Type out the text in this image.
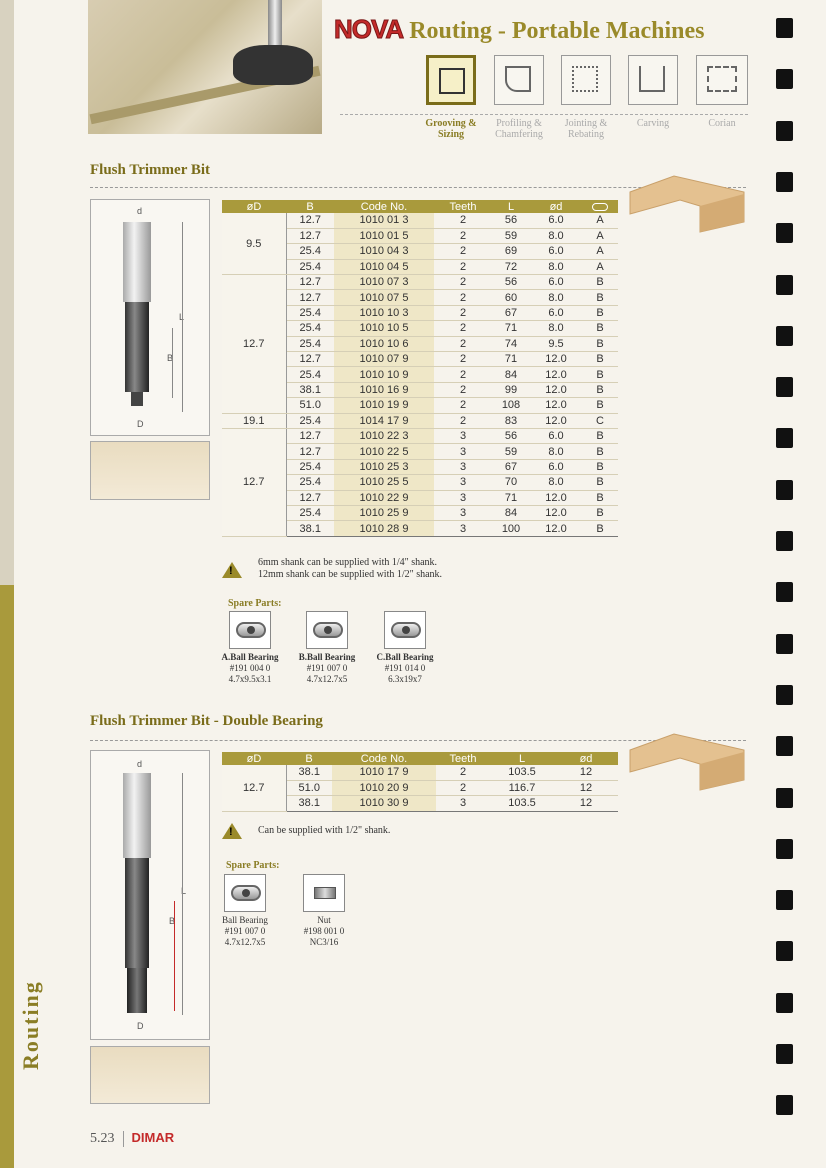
Routing
NOVA Routing - Portable Machines
Grooving & Sizing
Profiling & Chamfering
Jointing & Rebating
Carving	Corian
Flush Trimmer Bit
d
D
L
B
øD	B	Code No.	Teeth	L	ød	
9.5	12.7	1010 01 3	2	56	6.0	A
	12.7	1010 01 5	2	59	8.0	A
	25.4	1010 04 3	2	69	6.0	A
	25.4	1010 04 5	2	72	8.0	A
12.7	12.7	1010 07 3	2	56	6.0	B
	12.7	1010 07 5	2	60	8.0	B
	25.4	1010 10 3	2	67	6.0	B
	25.4	1010 10 5	2	71	8.0	B
	25.4	1010 10 6	2	74	9.5	B
	12.7	1010 07 9	2	71	12.0	B
	25.4	1010 10 9	2	84	12.0	B
	38.1	1010 16 9	2	99	12.0	B
	51.0	1010 19 9	2	108	12.0	B
19.1	25.4	1014 17 9	2	83	12.0	C
12.7	12.7	1010 22 3	3	56	6.0	B
	12.7	1010 22 5	3	59	8.0	B
	25.4	1010 25 3	3	67	6.0	B
	25.4	1010 25 5	3	70	8.0	B
	12.7	1010 22 9	3	71	12.0	B
	25.4	1010 25 9	3	84	12.0	B
	38.1	1010 28 9	3	100	12.0	B
!
6mm shank can be supplied with 1/4" shank.
12mm shank can be supplied with 1/2" shank.
Spare Parts:
A.Ball Bearing
#191 004 0
4.7x9.5x3.1
B.Ball Bearing
#191 007 0
4.7x12.7x5
C.Ball Bearing
#191 014 0
6.3x19x7
Flush Trimmer Bit - Double Bearing
d
D
L
B
øD	B	Code No.	Teeth	L	ød
12.7	38.1	1010 17 9	2	103.5	12
	51.0	1010 20 9	2	116.7	12
	38.1	1010 30 9	3	103.5	12
!	Can be supplied with 1/2" shank.
Spare Parts:
Ball Bearing
#191 007 0
4.7x12.7x5
Nut
#198 001 0
NC3/16
5.23 DIMAR
